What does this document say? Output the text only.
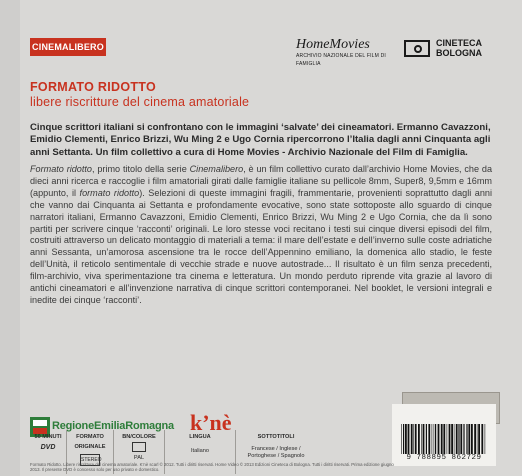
CINEMALIBERO	HomeMovies
ARCHIVIO NAZIONALE DEL FILM DI FAMIGLIA
CINETECA
BOLOGNA
FORMATO RIDOTTO
libere riscritture del cinema amatoriale
Cinque scrittori italiani si confrontano con le immagini ‘salvate’ dei cineamatori. Ermanno Cavazzoni, Emidio Clementi, Enrico Brizzi, Wu Ming 2 e Ugo Cornia ripercorrono l’Italia dagli anni Cinquanta agli anni Settanta. Un film collettivo a cura di Home Movies - Archivio Nazionale del Film di Famiglia.
Formato ridotto, primo titolo della serie Cinemalibero, è un film collettivo curato dall’archivio Home Movies, che da dieci anni ricerca e raccoglie i film amatoriali girati dalle famiglie italiane su pellicole 8mm, Super8, 9,5mm e 16mm (appunto, il formato ridotto). Selezioni di queste immagini fragili, frammentarie, provenienti soprattutto dagli anni che vanno dai Cinquanta ai Settanta e profondamente evocative, sono state sottoposte allo sguardo di cinque narratori italiani, Ermanno Cavazzoni, Emidio Clementi, Enrico Brizzi, Wu Ming 2 e Ugo Cornia, che da lì sono partiti per scrivere cinque ‘racconti’ originali. Le loro stesse voci recitano i testi sui cinque diversi episodi del film, costruiti attraverso un delicato montaggio di materiali a tema: il mare dell’estate e dell’inverno sulle coste adriatiche anni Sessanta, un’amorosa ascensione tra le rocce dell’Appennino emiliano, la domenica allo stadio, le feste dell’Unità, il reticolo sentimentale di vecchie strade e nuove autostrade... Il risultato è un film senza precedenti, film-archivio, viva sperimentazione tra cinema e letteratura. Un mondo perduto riprende vita grazie al lavoro di antichi cineamatori e all’invenzione narrativa di cinque scrittori contemporanei. Nel booklet, le versioni integrali e inedite dei cinque ‘racconti’.
RegioneEmiliaRomagna k’nè
9 788895 862729
50 MINUTI
DVD
FORMATO ORIGINALE
STEREO
BN/COLORE
PAL
LINGUA
Italiano
SOTTOTITOLI
Francese / Inglese / Portoghese / Spagnolo
Formato Ridotto. Libere riscritture del cinema amatoriale. K’nè scarl © 2012. Tutti i diritti riservati. Home Video © 2013 Edizioni Cineteca di Bologna. Tutti i diritti riservati. Prima edizione giugno 2013. Il presente DVD è concesso solo per uso privato e domestico.
